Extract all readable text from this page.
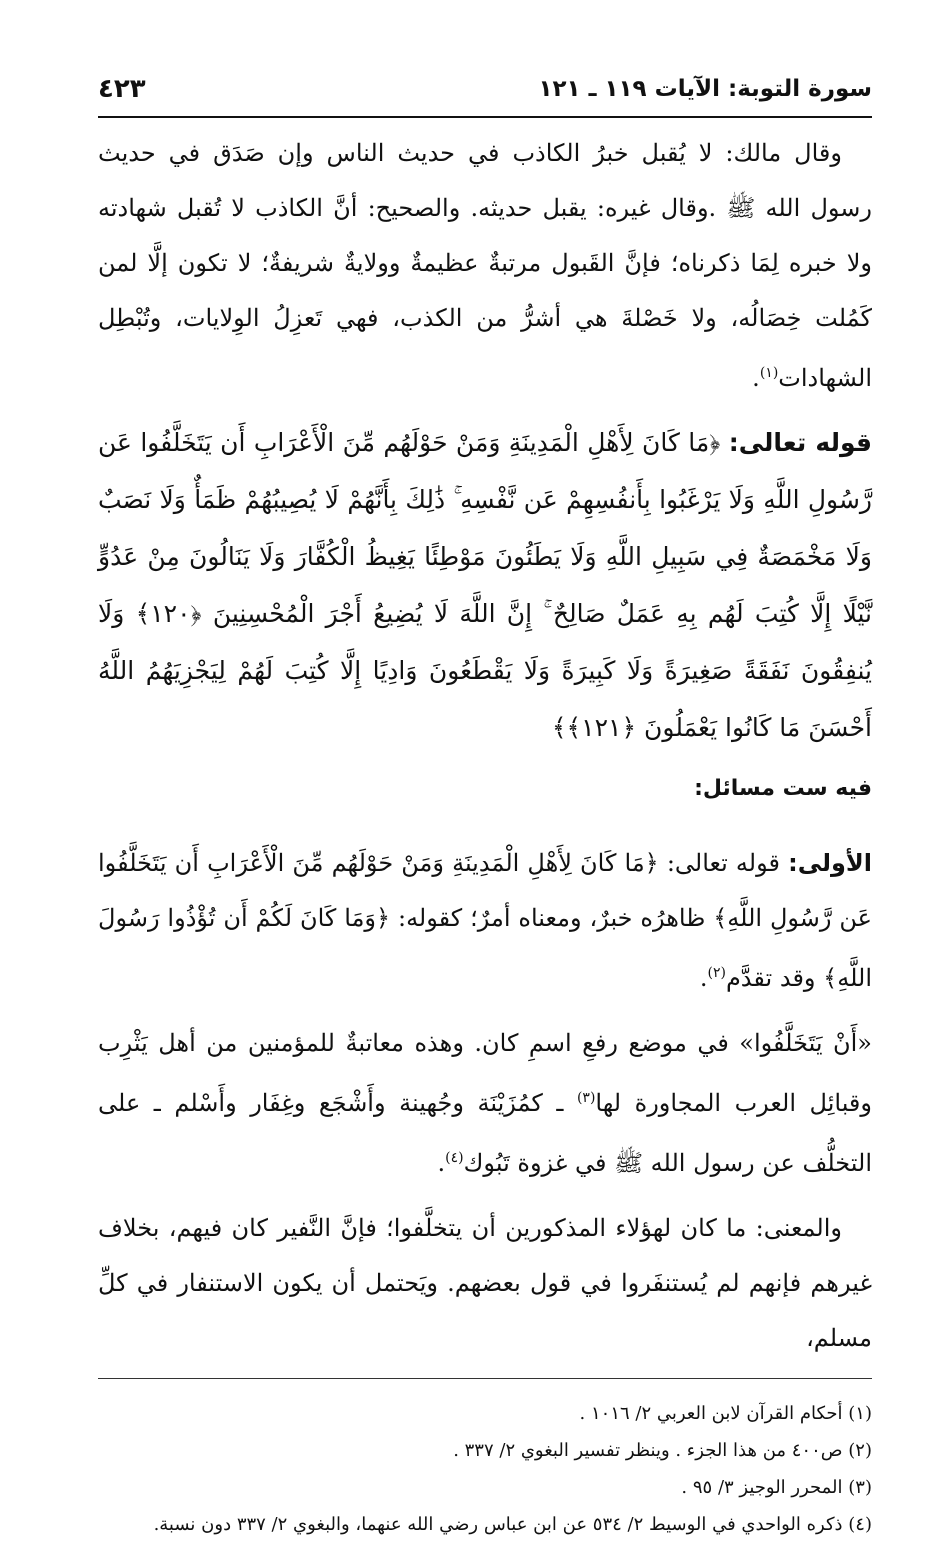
سورة التوبة: الآيات ١١٩ ـ ١٢١
٤٢٣

وقال مالك: لا يُقبل خبرُ الكاذب في حديث الناس وإن صَدَق في حديث رسول الله ﷺ .وقال غيره: يقبل حديثه. والصحيح: أنَّ الكاذب لا تُقبل شهادته ولا خبره لِمَا ذكرناه؛ فإنَّ القَبول مرتبةٌ عظيمةٌ وولايةٌ شريفةٌ؛ لا تكون إلَّا لمن كَمُلت خِصَالُه، ولا خَصْلةَ هي أشرُّ من الكذب، فهي تَعزِلُ الوِلايات، وتُبْطِل الشهادات$^{(١)}$.

قوله تعالى: ﴿مَا كَانَ لِأَهْلِ الْمَدِينَةِ وَمَنْ حَوْلَهُم مِّنَ الْأَعْرَابِ أَن يَتَخَلَّفُوا عَن رَّسُولِ اللَّهِ وَلَا يَرْغَبُوا بِأَنفُسِهِمْ عَن نَّفْسِهِ ۚ ذَٰلِكَ بِأَنَّهُمْ لَا يُصِيبُهُمْ ظَمَأٌ وَلَا نَصَبٌ وَلَا مَخْمَصَةٌ فِي سَبِيلِ اللَّهِ وَلَا يَطَئُونَ مَوْطِئًا يَغِيظُ الْكُفَّارَ وَلَا يَنَالُونَ مِنْ عَدُوٍّ نَّيْلًا إِلَّا كُتِبَ لَهُم بِهِ عَمَلٌ صَالِحٌ ۚ إِنَّ اللَّهَ لَا يُضِيعُ أَجْرَ الْمُحْسِنِينَ ﴿١٢٠﴾ وَلَا يُنفِقُونَ نَفَقَةً صَغِيرَةً وَلَا كَبِيرَةً وَلَا يَقْطَعُونَ وَادِيًا إِلَّا كُتِبَ لَهُمْ لِيَجْزِيَهُمُ اللَّهُ أَحْسَنَ مَا كَانُوا يَعْمَلُونَ ﴿١٢١﴾﴾

فيه ست مسائل:

الأولى: قوله تعالى: ﴿مَا كَانَ لِأَهْلِ الْمَدِينَةِ وَمَنْ حَوْلَهُم مِّنَ الْأَعْرَابِ أَن يَتَخَلَّفُوا عَن رَّسُولِ اللَّهِ﴾ ظاهرُه خبرٌ، ومعناه أمرٌ؛ كقوله: ﴿وَمَا كَانَ لَكُمْ أَن تُؤْذُوا رَسُولَ اللَّهِ﴾ وقد تقدَّم$^{(٢)}$.

«أَنْ يَتَخَلَّفُوا» في موضع رفعِ اسمِ كان. وهذه معاتبةٌ للمؤمنين من أهل يَثْرِب وقبائِل العرب المجاورة لها$^{(٣)}$ ـ كمُزَيْنَة وجُهينة وأَشْجَع وغِفَار وأَسْلم ـ على التخلُّف عن رسول الله ﷺ في غزوة تَبُوك$^{(٤)}$.

والمعنى: ما كان لهؤلاء المذكورين أن يتخلَّفوا؛ فإنَّ النَّفير كان فيهم، بخلاف غيرهم فإنهم لم يُستنفَروا في قول بعضهم. ويَحتمل أن يكون الاستنفار في كلِّ مسلم،

(١) أحكام القرآن لابن العربي ٢/ ١٠١٦ .

(٢) ص٤٠٠ من هذا الجزء . وينظر تفسير البغوي ٢/ ٣٣٧ .

(٣) المحرر الوجيز ٣/ ٩٥ .

(٤) ذكره الواحدي في الوسيط ٢/ ٥٣٤ عن ابن عباس رضي الله عنهما، والبغوي ٢/ ٣٣٧ دون نسبة.
